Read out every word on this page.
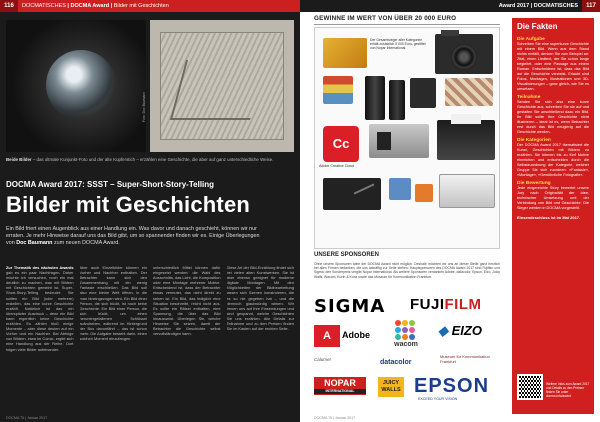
116	DOCMATISCHES | DOCMA Award | Bilder mit Geschichten
Foto: Doc Baumann
Beide Bilder – das oltmale Kunjunkt-Foto und der alte Kupferstich – erzählen eine Geschichte, die aber auf ganz unterschiedliche Weise.
DOCMA Award 2017: SSST – Super-Short-Story-Telling
Bilder mit Geschichten
Ein Bild friert einen Augenblick aus einer Handlung ein. Was davor und danach geschieht, können wir nur erraten. Je mehr Hinweise darauf uns das Bild gibt, um so spannender finden wir es. Einige Überlegungen von Doc Baumann zum neuen DOCMA Award.
Zur Thematik des nächsten Awards gab es ein paar Nachfragen. Daher möchte ich versuchen, noch ein mal deutlich zu machen, was mit Bildern mit Geschichten gemeint ist. Super-Short-Story-Telling bedeutet: Sie sollten ein Bild (oder mehrere) erstellen, das eine kurze Geschichte erzählt. Natürlich ist das ein überspitzter Ausdruck – denn ein Bild kann eigentlich keine Geschichte erzählen. Es zählen bloß einige Momente – aber diese deuten auf ein Vorher und ein Nachher. Bei Abfolge von Bildern, etwa im Comic, ergibt sich eine Handlung aus der Reihe. Dort folgen viele Bilder aufeinander.
Aber auch Einzelbilder können ein Vorher und Nachher enthalten. Der Betrachter kann sich den Zusammenhang mit ein wenig Fantasie erschließen. Das Bild soll also eine kleine Welt öffnen, in die man hineingezogen wird. Ein Bild einer Person, die sich bückt, ist noch keine Geschichte. Ein Bild einer Person, die sich bückt, um einen heruntergefallenen Schlüssel aufzuheben, während im Hintergrund der Bus davonfährt – das ist schon mehr. Die Aufgabe besteht darin, einen solchen Moment einzufangen.
unterschiedlich Mittel können dafür eingesetzt werden: die Wahl des Ausschnitts, das Licht, die Komposition oder eine Montage mehrerer Motive. Entscheidend ist, dass der Betrachter etwas vermutet, das nicht direkt zu sehen ist. Ein Bild, das lediglich eine Situation beschreibt, reicht nicht aus. Es sollte ein Rätsel enthalten, eine Spannung, die über das Bild hinausweist. Überlegen Sie, welche Hinweise Sie setzen, damit der Betrachter die Geschichte selbst vervollständigen kann.
Diese Art der Bild-Erzählung findet sich bei vielen alten Kunstwerken. Sie ist aber ebenso geeignet für moderne digitale Montagen. Mit den Möglichkeiten der Bildbearbeitung lassen sich Szenen konstruieren, die es so nie gegeben hat – und die dennoch glaubwürdig wirken. Wir freuen uns auf Ihre Einsendungen und sind gespannt, welche Geschichten Sie uns erzählen. Alle Details zur Teilnahme und zu den Preisen finden Sie im Kasten auf der rechten Seite.
DOCMA 75 | Januar 2017
Award 2017 | DOCMATISCHES	117
GEWINNE IM WERT VON ÜBER 20 000 EURO
Der Gesamtsieger aller Kategorien erhält zusätzlich 5 000 Euro, gestiftet von Nopar International.
Cc
Adobe Creative Cloud
UNSERE SPONSOREN
Ohne unsere Sponsoren wäre der DOCMA Award nicht möglich. Deshalb möchten wir uns an dieser Stelle ganz herzlich bei allen Firmen bedanken, die uns tatkräftig zur Seite stehen: Hauptsponsoren des DOCMA Award 2017 sind Fujifilm und Sigma; den Sonderpreis vergibt Nopar International. Als weitere Sponsoren verdanken Adobe, datacolor, Epson, Eizo, Juicy Walls, Wacom, Kurth & Kunz sowie das Museum für Kommunikation Frankfurt.
SIGMA FUJIFILM
A	Adobe
wacom
◆ EIZO
Calumet	datacolor
Museum für Kommunikation Frankfurt
NOPAR
INTERNATIONAL
JUICY WALLS EPSON
EXCEED YOUR VISION
DOCMA 75 | Januar 2017
Die Fakten
Die Aufgabe
Schreiben Sie eine superkurze Geschichte mit einem Bild. Wenn aus dem Stand nichts einfällt, denken Sie zum Beispiel an: Zitat, einen Liedtext, der Sie schon lange begleitet, oder eine Passage aus einem Roman. Entscheidend ist, dass das Bild auf die Geschichte verweist. Erlaubt sind Fotos, Montagen, Illustrationen und 3D-Visualisierungen – ganz gleich, wie Sie es umsetzen.
Teilnahme
Senden Sie sich also eine kurze Geschichte aus, schreiben Sie sie auf und gestalten Sie anschließend dazu ein Bild. Ihr Bild sollte Ihre Geschichte nicht illustrieren – ideal ist es, wenn Betrachter erst durch das Bild neugierig auf die Geschichte werden.
Die Kategorien
Der DOCMA Award 2017 thematisiert die Kunst, Geschichten mit Bildern zu erzählen. Sie können bis zu fünf Motive einreichen und entscheiden durch die Selbstzuordnung der Kategorie, welcher Gruppe Sie sich zuordnen: »Fantasie«, »Montage«, »Gewöhnliche Fotografie«.
Die Bewertung
Jede eingereichte Story bewertet unsere Jury nach Originalität der Idee, technischer Umsetzung und der Verbindung von Bild und Geschichte. Die Sieger werden in DOCMA vorgestellt.
Einsendeschluss ist im Mai 2017.
Weitere Infos zum Award 2017 und Details zu den Preisen finden Sie unter docma.info/award
